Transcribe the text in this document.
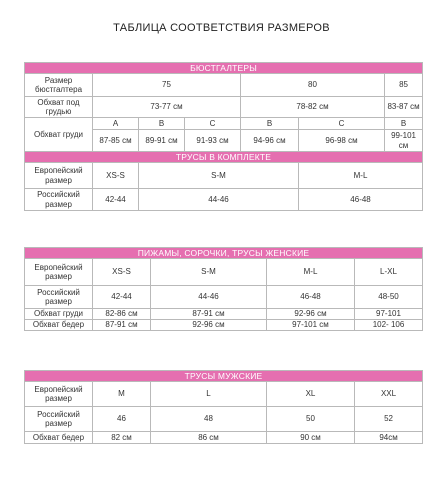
ТАБЛИЦА СООТВЕТСТВИЯ РАЗМЕРОВ
БЮСТГАЛТЕРЫ						
Размер бюстгалтера	75			80		85
Обхват под грудью	73-77 см			78-82 см		83-87 см
Обхват груди	A	B	C	B	C	B
	87-85 см	89-91 см	91-93 см	94-96 см	96-98 см	99-101 см
ТРУСЫ В КОМПЛЕКТЕ						
Европейский размер	XS-S	S-M			M-L	
Российский размер	42-44	44-46			46-48	
ПИЖАМЫ, СОРОЧКИ, ТРУСЫ ЖЕНСКИЕ				
Европейский размер	XS-S	S-M	M-L	L-XL
Российский размер	42-44	44-46	46-48	48-50
Обхват груди	82-86 см	87-91 см	92-96 см	97-101
Обхват бедер	87-91 см	92-96 см	97-101 см	102- 106
ТРУСЫ МУЖСКИЕ				
Европейский размер	M	L	XL	XXL
Российский размер	46	48	50	52
Обхват бедер	82 см	86 см	90 см	94см
